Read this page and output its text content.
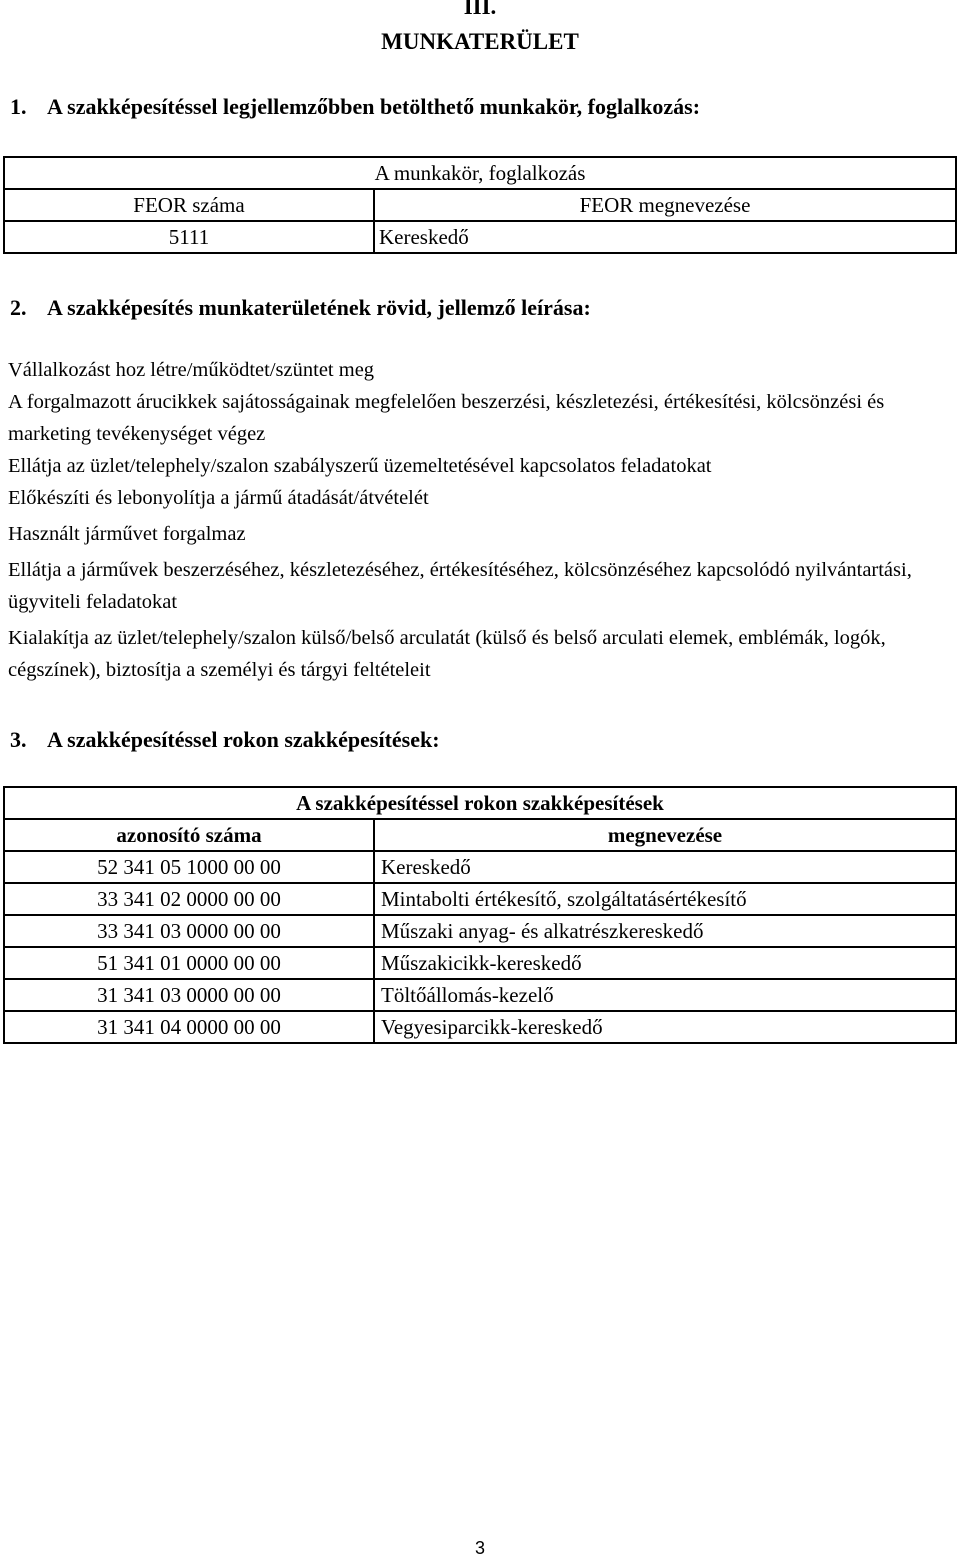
III.
MUNKATERÜLET
1. A szakképesítéssel legjellemzőbben betölthető munkakör, foglalkozás:
A munkakör, foglalkozás	
FEOR száma	FEOR megnevezése
5111	Kereskedő
2. A szakképesítés munkaterületének rövid, jellemző leírása:

Vállalkozást hoz létre/működtet/szüntet meg

A forgalmazott árucikkek sajátosságainak megfelelően beszerzési, készletezési, értékesítési, kölcsönzési és marketing tevékenységet végez

Ellátja az üzlet/telephely/szalon szabályszerű üzemeltetésével kapcsolatos feladatokat

Előkészíti és lebonyolítja a jármű átadását/átvételét

Használt járművet forgalmaz

Ellátja a járművek beszerzéséhez, készletezéséhez, értékesítéséhez, kölcsönzéséhez kapcsolódó nyilvántartási, ügyviteli feladatokat

Kialakítja az üzlet/telephely/szalon külső/belső arculatát (külső és belső arculati elemek, emblémák, logók, cégszínek), biztosítja a személyi és tárgyi feltételeit

3. A szakképesítéssel rokon szakképesítések:
A szakképesítéssel rokon szakképesítések	
azonosító száma	megnevezése
52 341 05 1000 00 00	Kereskedő
33 341 02 0000 00 00	Mintabolti értékesítő, szolgáltatásértékesítő
33 341 03 0000 00 00	Műszaki anyag- és alkatrészkereskedő
51 341 01 0000 00 00	Műszakicikk-kereskedő
31 341 03 0000 00 00	Töltőállomás-kezelő
31 341 04 0000 00 00	Vegyesiparcikk-kereskedő
3
